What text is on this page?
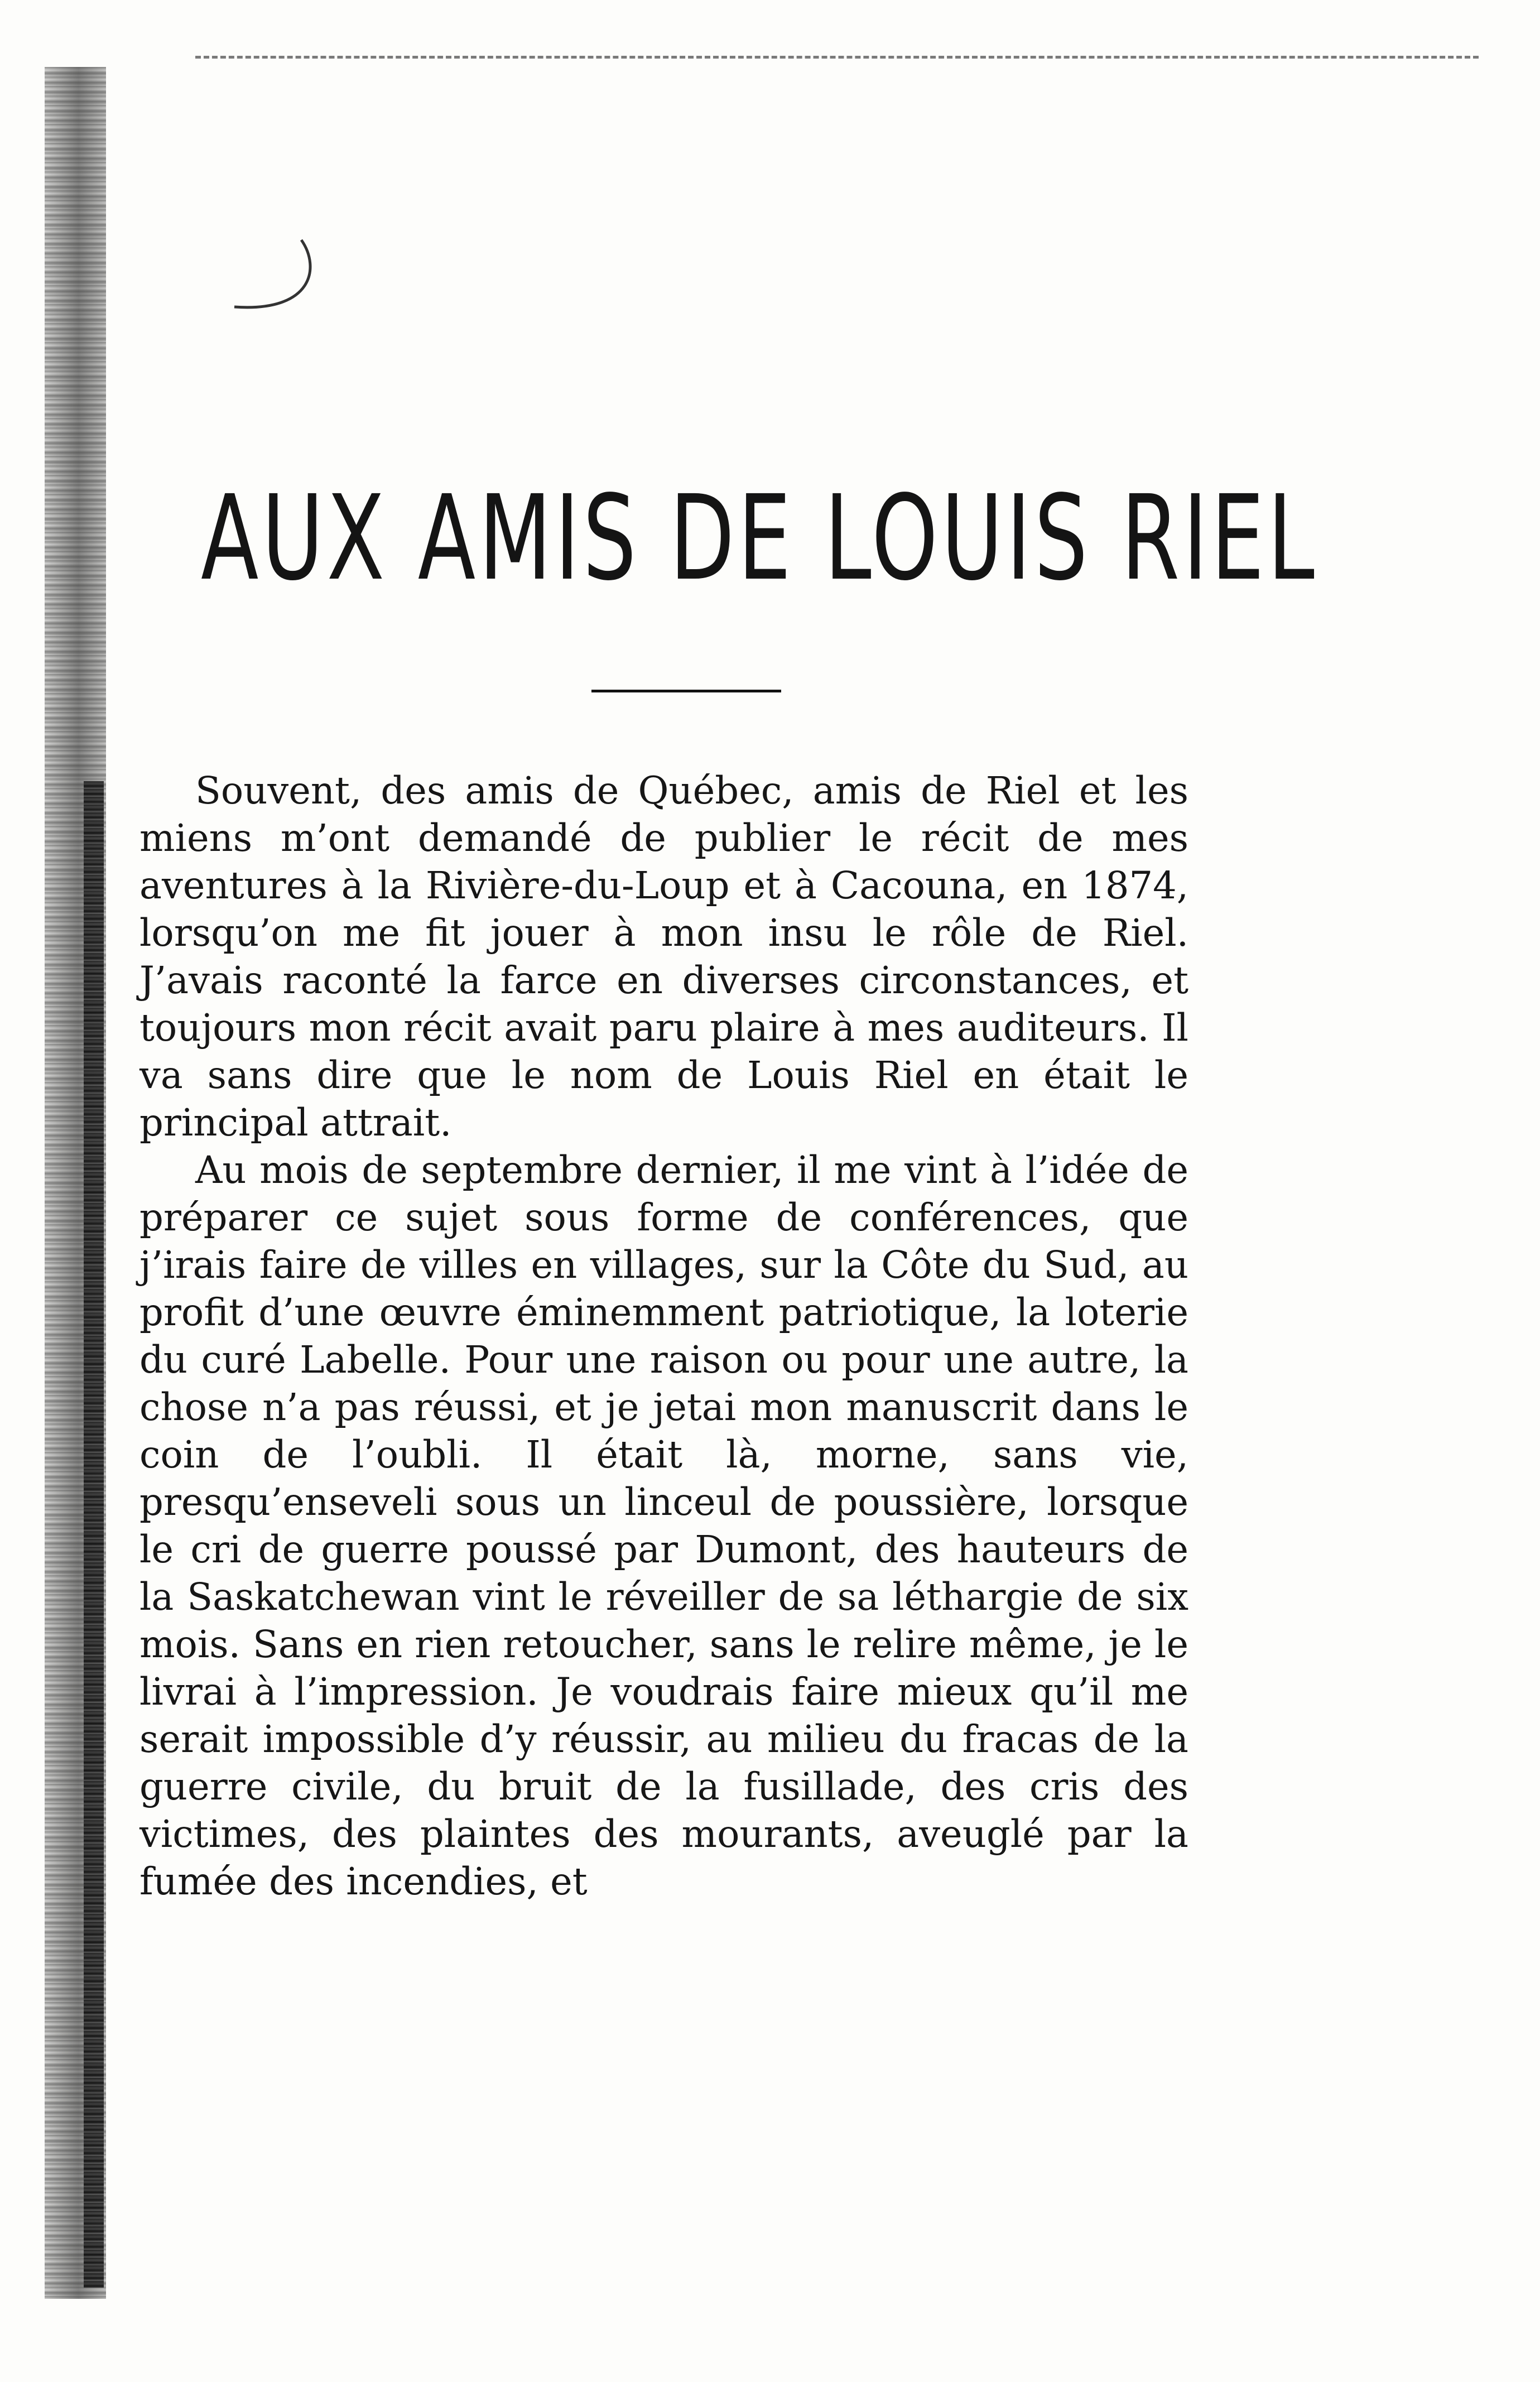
AUX AMIS DE LOUIS RIEL

Souvent, des amis de Québec, amis de Riel et les miens m’ont demandé de publier le récit de mes aventures à la Rivière-du-Loup et à Cacouna, en 1874, lorsqu’on me fit jouer à mon insu le rôle de Riel. J’avais raconté la farce en diverses circonstances, et toujours mon récit avait paru plaire à mes auditeurs. Il va sans dire que le nom de Louis Riel en était le principal attrait.

Au mois de septembre dernier, il me vint à l’idée de préparer ce sujet sous forme de conférences, que j’irais faire de villes en villages, sur la Côte du Sud, au profit d’une œuvre éminemment patriotique, la loterie du curé Labelle. Pour une raison ou pour une autre, la chose n’a pas réussi, et je jetai mon manuscrit dans le coin de l’oubli. Il était là, morne, sans vie, presqu’enseveli sous un linceul de poussière, lorsque le cri de guerre poussé par Dumont, des hauteurs de la Saskatchewan vint le réveiller de sa léthargie de six mois. Sans en rien retoucher, sans le relire même, je le livrai à l’impression. Je voudrais faire mieux qu’il me serait impossible d’y réussir, au milieu du fracas de la guerre civile, du bruit de la fusillade, des cris des victimes, des plaintes des mourants, aveuglé par la fumée des incendies, et
